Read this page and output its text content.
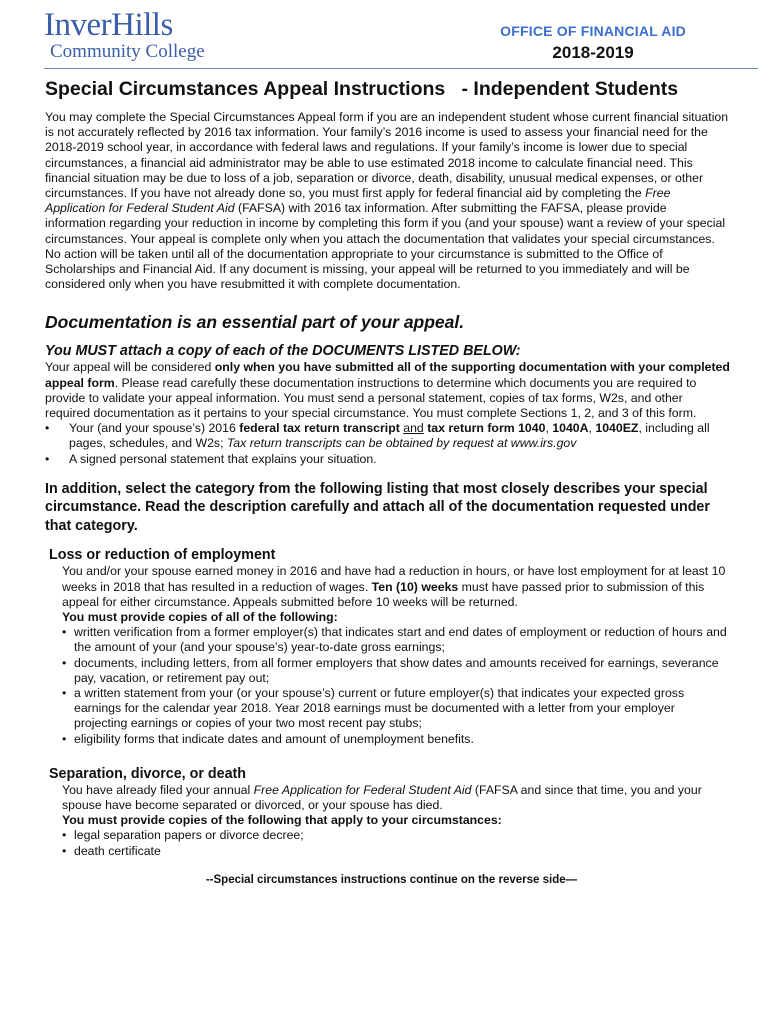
InverHills
Community College
OFFICE OF FINANCIAL AID
2018-2019
Special Circumstances Appeal Instructions   - Independent Students

You may complete the Special Circumstances Appeal form if you are an independent student whose current financial situation is not accurately reflected by 2016 tax information. Your family’s 2016 income is used to assess your financial need for the 2018-2019 school year, in accordance with federal laws and regulations. If your family’s income is lower due to special circumstances, a financial aid administrator may be able to use estimated 2018 income to calculate financial need. This financial situation may be due to loss of a job, separation or divorce, death, disability, unusual medical expenses, or other circumstances. If you have not already done so, you must first apply for federal financial aid by completing the Free Application for Federal Student Aid (FAFSA) with 2016 tax information. After submitting the FAFSA, please provide information regarding your reduction in income by completing this form if you (and your spouse) want a review of your special circumstances. Your appeal is complete only when you attach the documentation that validates your special circumstances. No action will be taken until all of the documentation appropriate to your circumstance is submitted to the Office of Scholarships and Financial Aid. If any document is missing, your appeal will be returned to you immediately and will be considered only when you have resubmitted it with complete documentation.

Documentation is an essential part of your appeal.
You MUST attach a copy of each of the DOCUMENTS LISTED BELOW:

Your appeal will be considered only when you have submitted all of the supporting documentation with your completed appeal form. Please read carefully these documentation instructions to determine which documents you are required to provide to validate your appeal information. You must send a personal statement, copies of tax forms, W2s, and other required documentation as it pertains to your special circumstance. You must complete Sections 1, 2, and 3 of this form.

• Your (and your spouse’s) 2016 federal tax return transcript and tax return form 1040, 1040A, 1040EZ, including all pages, schedules, and W2s; Tax return transcripts can be obtained by request at www.irs.gov
• A signed personal statement that explains your situation.

In addition, select the category from the following listing that most closely describes your special circumstance. Read the description carefully and attach all of the documentation requested under that category.

Loss or reduction of employment

You and/or your spouse earned money in 2016 and have had a reduction in hours, or have lost employment for at least 10 weeks in 2018 that has resulted in a reduction of wages. Ten (10) weeks must have passed prior to submission of this appeal for either circumstance. Appeals submitted before 10 weeks will be returned.

You must provide copies of all of the following:

• written verification from a former employer(s) that indicates start and end dates of employment or reduction of hours and the amount of your (and your spouse’s) year-to-date gross earnings;
• documents, including letters, from all former employers that show dates and amounts received for earnings, severance pay, vacation, or retirement pay out;
• a written statement from your (or your spouse’s) current or future employer(s) that indicates your expected gross earnings for the calendar year 2018. Year 2018 earnings must be documented with a letter from your employer projecting earnings or copies of your two most recent pay stubs;
• eligibility forms that indicate dates and amount of unemployment benefits.

Separation, divorce, or death

You have already filed your annual Free Application for Federal Student Aid (FAFSA and since that time, you and your spouse have become separated or divorced, or your spouse has died.

You must provide copies of the following that apply to your circumstances:

• legal separation papers or divorce decree;
• death certificate
--Special circumstances instructions continue on the reverse side—
